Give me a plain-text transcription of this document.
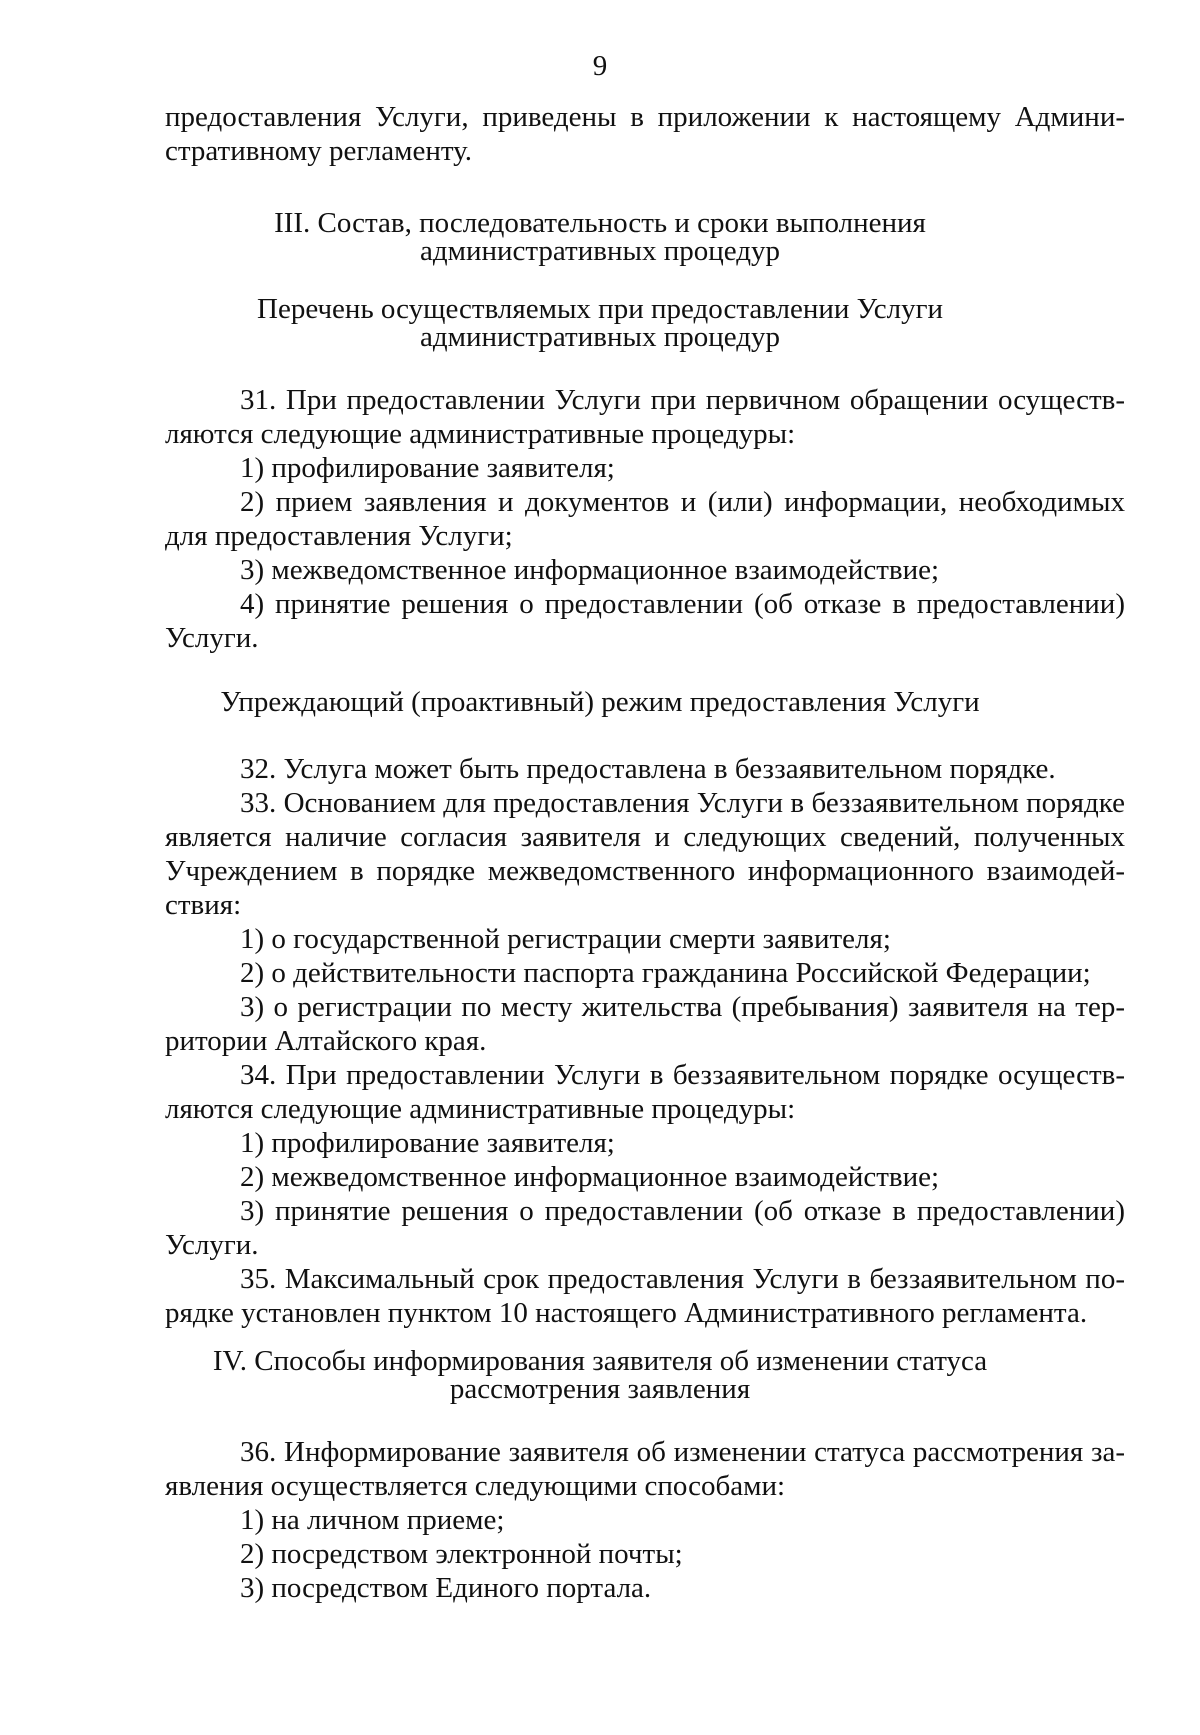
9
предоставления Услуги, приведены в приложении к настоящему Админи-
стративному регламенту.
III. Состав, последовательность и сроки выполнения
административных процедур
Перечень осуществляемых при предоставлении Услуги
административных процедур
31. При предоставлении Услуги при первичном обращении осуществ-
ляются следующие административные процедуры:
1) профилирование заявителя;
2) прием заявления и документов и (или) информации, необходимых
для предоставления Услуги;
3) межведомственное информационное взаимодействие;
4) принятие решения о предоставлении (об отказе в предоставлении)
Услуги.
Упреждающий (проактивный) режим предоставления Услуги
32. Услуга может быть предоставлена в беззаявительном порядке.
33. Основанием для предоставления Услуги в беззаявительном порядке
является наличие согласия заявителя и следующих сведений, полученных
Учреждением в порядке межведомственного информационного взаимодей-
ствия:
1) о государственной регистрации смерти заявителя;
2) о действительности паспорта гражданина Российской Федерации;
3) о регистрации по месту жительства (пребывания) заявителя на тер-
ритории Алтайского края.
34. При предоставлении Услуги в беззаявительном порядке осуществ-
ляются следующие административные процедуры:
1) профилирование заявителя;
2) межведомственное информационное взаимодействие;
3) принятие решения о предоставлении (об отказе в предоставлении)
Услуги.
35. Максимальный срок предоставления Услуги в беззаявительном по-
рядке установлен пунктом 10 настоящего Административного регламента.
IV. Способы информирования заявителя об изменении статуса
рассмотрения заявления
36. Информирование заявителя об изменении статуса рассмотрения за-
явления осуществляется следующими способами:
1) на личном приеме;
2) посредством электронной почты;
3) посредством Единого портала.
